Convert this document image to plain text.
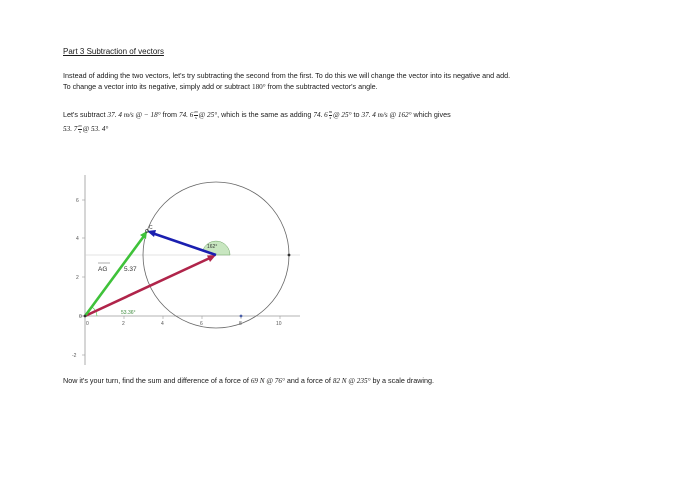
Part 3 Subtraction of vectors
Instead of adding the two vectors, let's try subtracting the second from the first. To do this we will change the vector into its negative and add.
To change a vector into its negative, simply add or subtract 180° from the subtracted vector's angle.
Let's subtract 37. 4 m/s @ − 18° from 74. $6 \frac{m}{s}$ @ 25°, which is the same as adding 74. $6 \frac{m}{s}$ @ 25° to 37. 4 m/s @ 162° which gives
53. $7 \frac{m}{s}$ @ 53. 4°
6
4
2
0
-2
0	2	4	6	8	10
162°
53.36°
C
AG	5.37
Now it's your turn, find the sum and difference of a force of 69 N @ 76° and a force of 82 N @ 235° by a scale drawing.
